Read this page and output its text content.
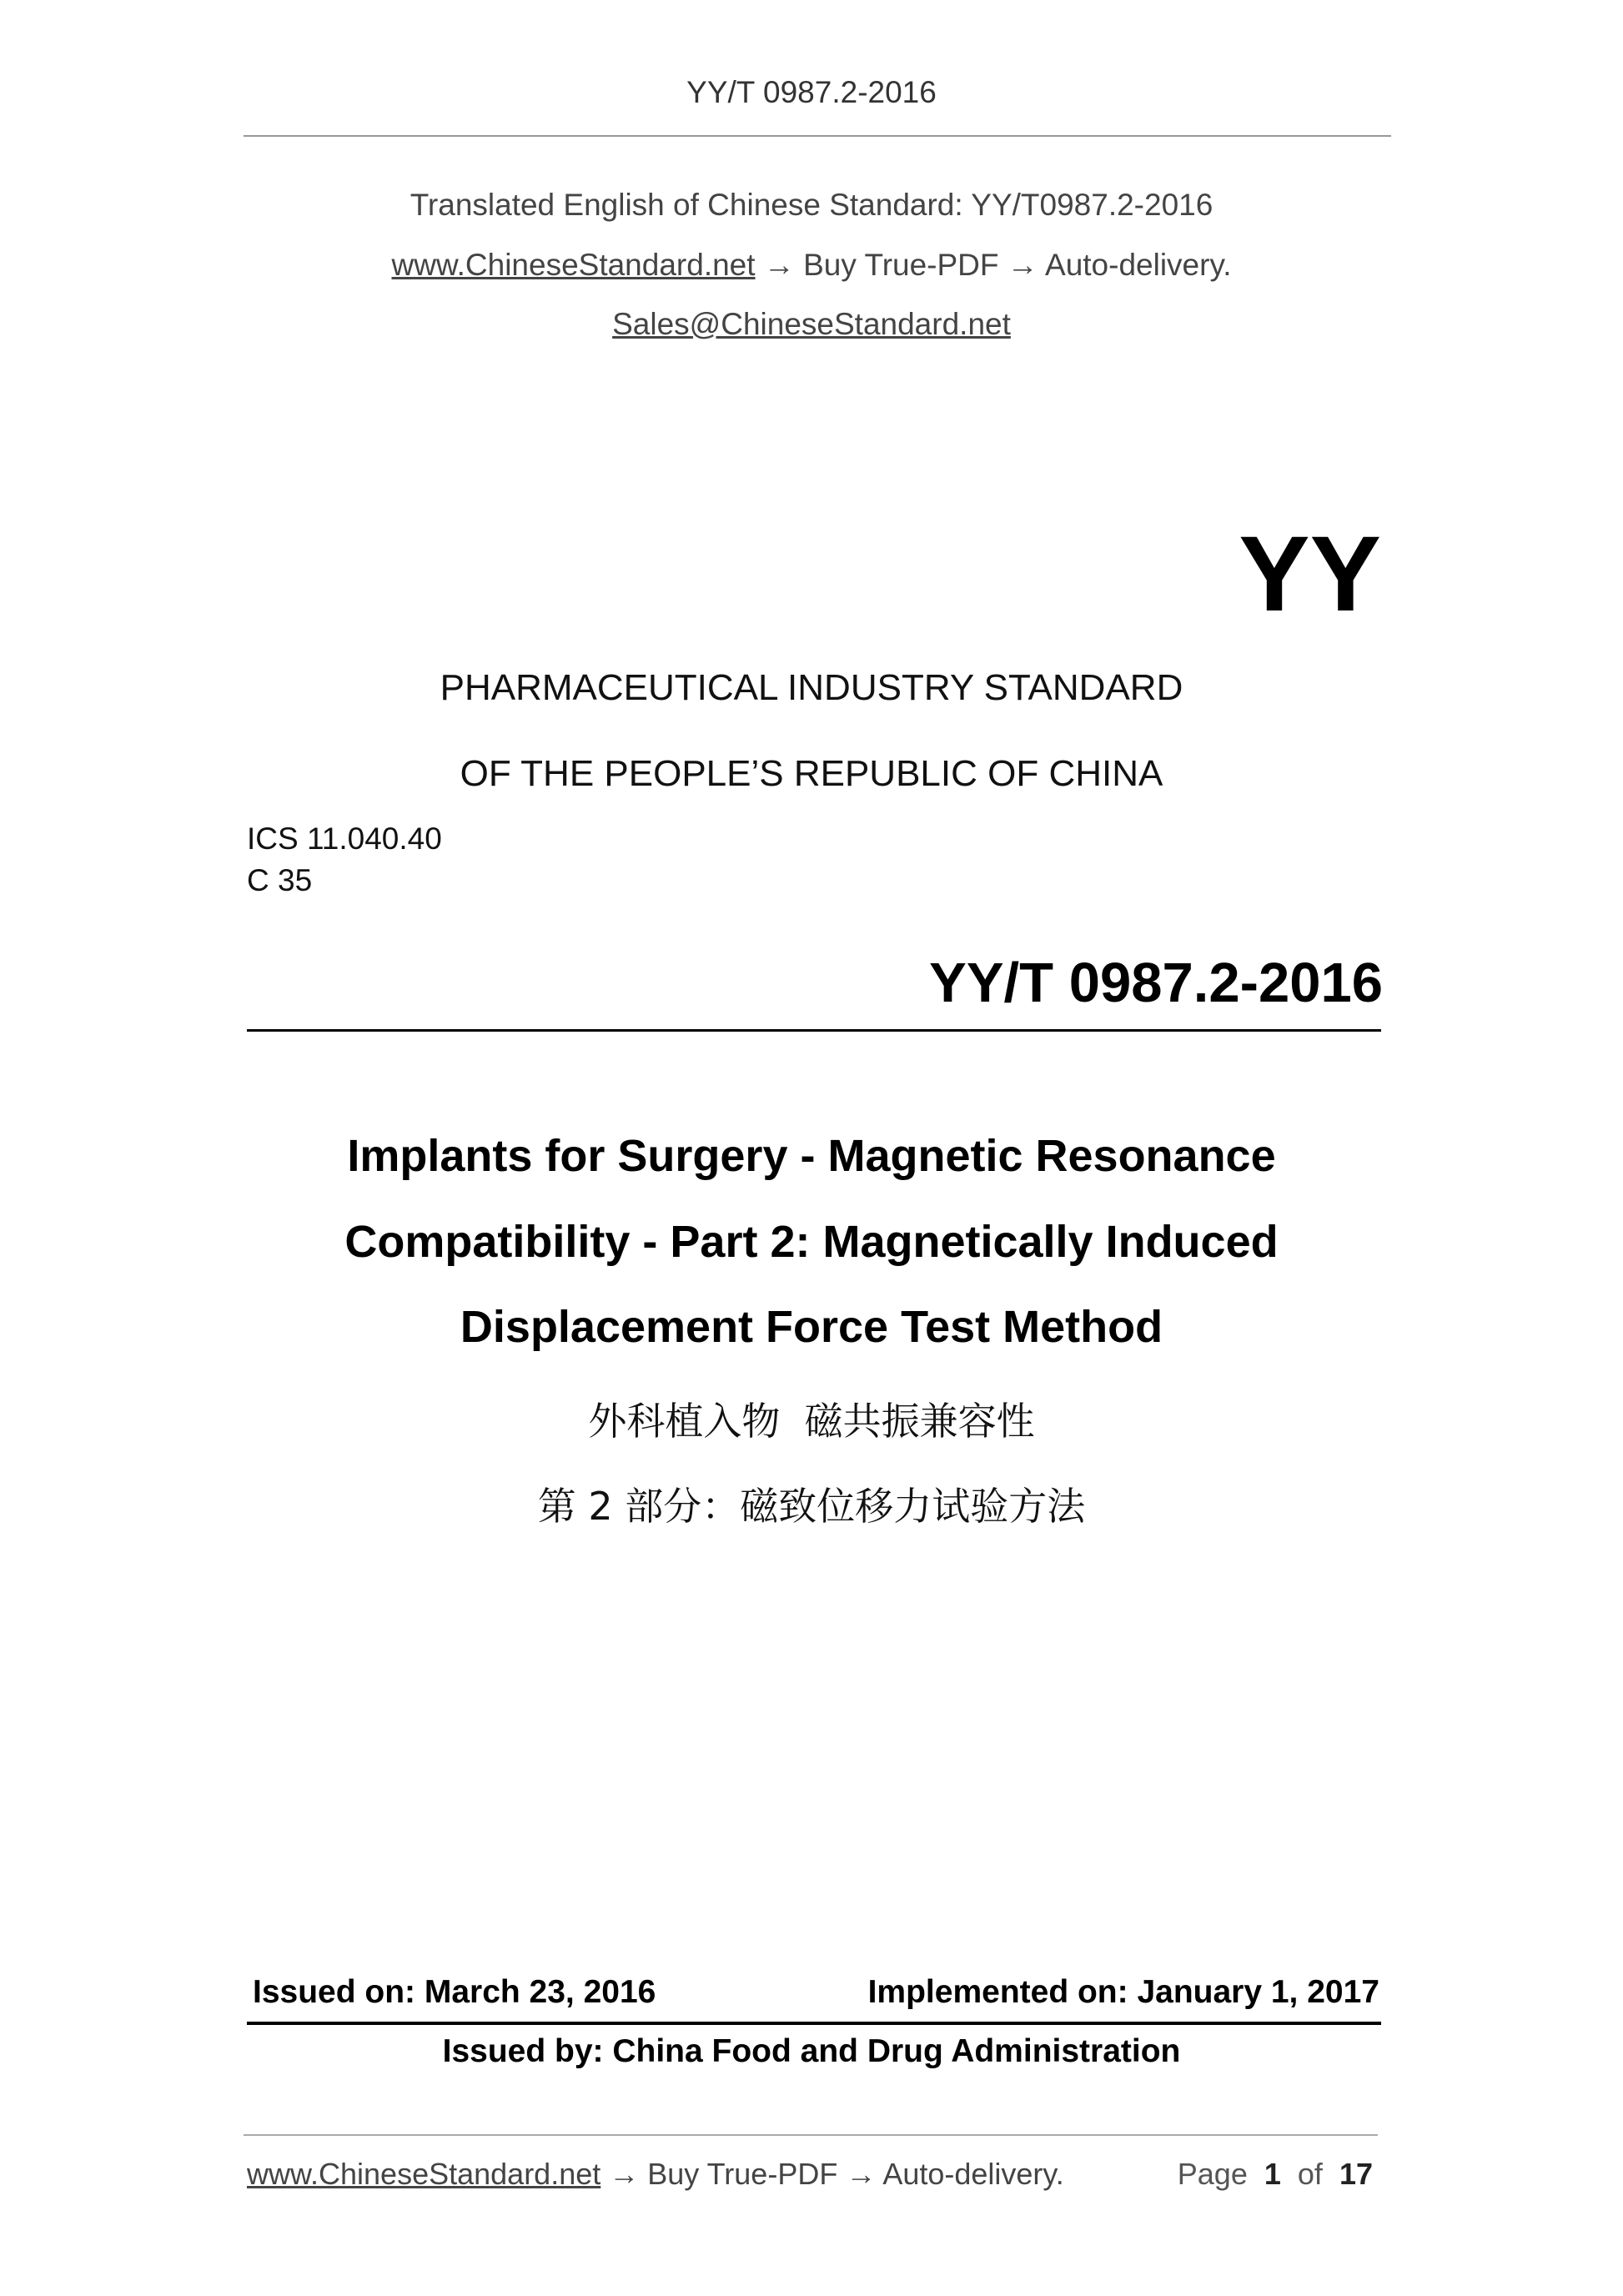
YY/T 0987.2-2016
Translated English of Chinese Standard: YY/T0987.2-2016
www.ChineseStandard.net → Buy True-PDF → Auto-delivery.
Sales@ChineseStandard.net
YY
PHARMACEUTICAL INDUSTRY STANDARD
OF THE PEOPLE’S REPUBLIC OF CHINA
ICS 11.040.40
C 35
YY/T 0987.2-2016
Implants for Surgery - Magnetic Resonance
Compatibility - Part 2: Magnetically Induced
Displacement Force Test Method
外科植入物  磁共振兼容性
第 2 部分：磁致位移力试验方法
Issued on: March 23, 2016	Implemented on: January 1, 2017
Issued by: China Food and Drug Administration
www.ChineseStandard.net → Buy True-PDF → Auto-delivery.	Page 1 of 17
